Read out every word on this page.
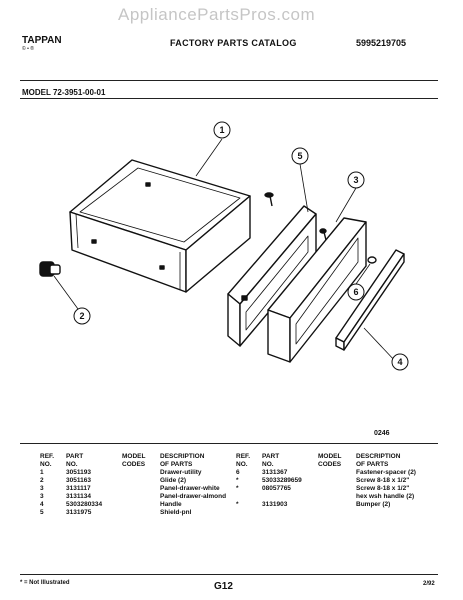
AppliancePartsPros.com
TAPPAN
© • ®
FACTORY PARTS CATALOG	5995219705
MODEL 72-3951-00-01
1
2
3
4
5
6
0246
REF.
NO.
PART
NO.
MODEL
CODES
DESCRIPTION
OF PARTS
1	3051193	Drawer-utility
2	3051163	Glide (2)
3	3131117	Panel-drawer-white
3	3131134	Panel-drawer-almond
4	5303280334	Handle
5	3131975	Shield-pnl
REF.
NO.
PART
NO.
MODEL
CODES
DESCRIPTION
OF PARTS
6	3131367	Fastener-spacer (2)
*	53033289659	Screw 8-18 x 1/2"
*	08057765	Screw 8-18 x 1/2"
hex wsh handle (2)
*	3131903	Bumper (2)
* = Not Illustrated	G12	2/92
